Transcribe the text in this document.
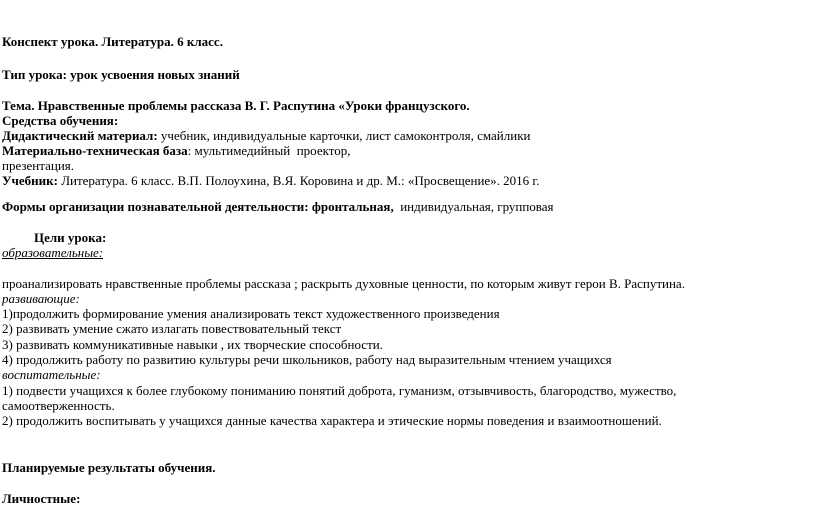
Конспект урока. Литература. 6 класс.
Тип урока: урок усвоения новых знаний
Тема. Нравственные проблемы рассказа В. Г. Распутина «Уроки французского.
Средства обучения:
Дидактический материал: учебник, индивидуальные карточки, лист самоконтроля, смайлики
Материально-техническая база: мультимедийный  проектор,
презентация.
Учебник: Литература. 6 класс. В.П. Полоухина, В.Я. Коровина и др. М.: «Просвещение». 2016 г.
Формы организации познавательной деятельности: фронтальная,  индивидуальная, групповая
Цели урока:
образовательные:
проанализировать нравственные проблемы рассказа ; раскрыть духовные ценности, по которым живут герои В. Распутина.
развивающие:
1)продолжить формирование умения анализировать текст художественного произведения
2) развивать умение сжато излагать повествовательный текст
3) развивать коммуникативные навыки , их творческие способности.
4) продолжить работу по развитию культуры речи школьников, работу над выразительным чтением учащихся
воспитательные:
1) подвести учащихся к более глубокому пониманию понятий доброта, гуманизм, отзывчивость, благородство, мужество,
самоотверженность.
2) продолжить воспитывать у учащихся данные качества характера и этические нормы поведения и взаимоотношений.
Планируемые результаты обучения.
Личностные:
